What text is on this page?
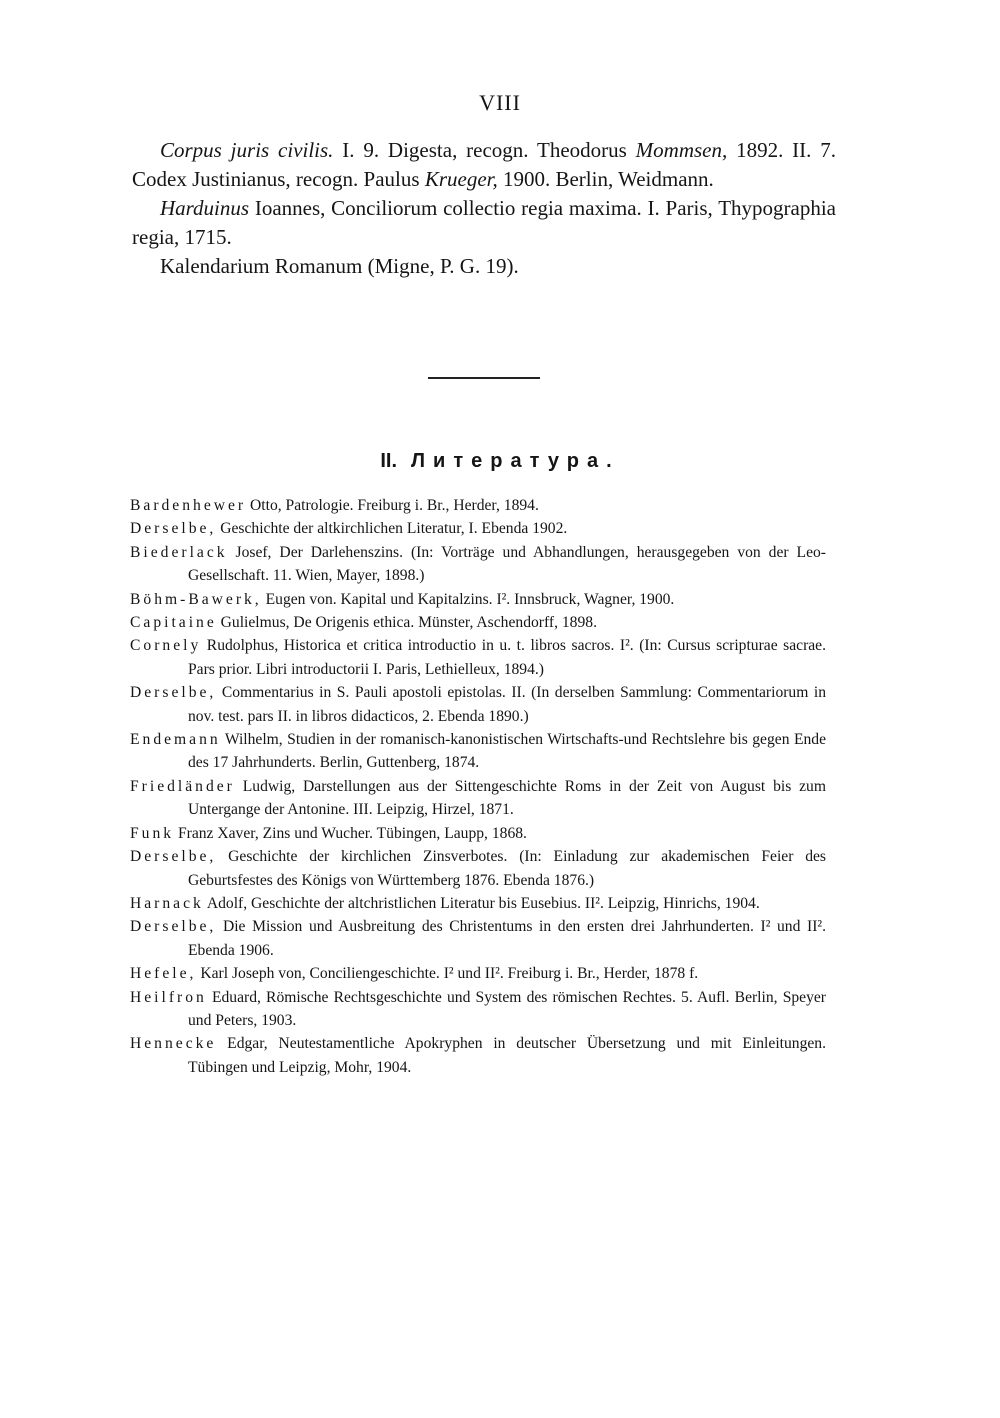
VIII

Corpus juris civilis. I. 9. Digesta, recogn. Theodorus Mommsen, 1892. II. 7. Codex Justinianus, recogn. Paulus Krueger, 1900. Berlin, Weidmann.

Harduinus Ioannes, Conciliorum collectio regia maxima. I. Paris, Thypographia regia, 1715.

Kalendarium Romanum (Migne, P. G. 19).

II. Литература.
Bardenhewer Otto, Patrologie. Freiburg i. Br., Herder, 1894.
Derselbe, Geschichte der altkirchlichen Literatur, I. Ebenda 1902.
Biederlack Josef, Der Darlehenszins. (In: Vorträge und Abhandlungen, herausgegeben von der Leo-Gesellschaft. 11. Wien, Mayer, 1898.)
Böhm-Bawerk, Eugen von. Kapital und Kapitalzins. I². Innsbruck, Wagner, 1900.
Capitaine Gulielmus, De Origenis ethica. Münster, Aschendorff, 1898.
Cornely Rudolphus, Historica et critica introductio in u. t. libros sacros. I². (In: Cursus scripturae sacrae. Pars prior. Libri introductorii I. Paris, Lethielleux, 1894.)
Derselbe, Commentarius in S. Pauli apostoli epistolas. II. (In derselben Sammlung: Commentariorum in nov. test. pars II. in libros didacticos, 2. Ebenda 1890.)
Endemann Wilhelm, Studien in der romanisch-kanonistischen Wirtschafts-und Rechtslehre bis gegen Ende des 17 Jahrhunderts. Berlin, Guttenberg, 1874.
Friedländer Ludwig, Darstellungen aus der Sittengeschichte Roms in der Zeit von August bis zum Untergange der Antonine. III. Leipzig, Hirzel, 1871.
Funk Franz Xaver, Zins und Wucher. Tübingen, Laupp, 1868.
Derselbe, Geschichte der kirchlichen Zinsverbotes. (In: Einladung zur akademischen Feier des Geburtsfestes des Königs von Württemberg 1876. Ebenda 1876.)
Harnack Adolf, Geschichte der altchristlichen Literatur bis Eusebius. II². Leipzig, Hinrichs, 1904.
Derselbe, Die Mission und Ausbreitung des Christentums in den ersten drei Jahrhunderten. I² und II². Ebenda 1906.
Hefele, Karl Joseph von, Conciliengeschichte. I² und II². Freiburg i. Br., Herder, 1878 f.
Heilfron Eduard, Römische Rechtsgeschichte und System des römischen Rechtes. 5. Aufl. Berlin, Speyer und Peters, 1903.
Hennecke Edgar, Neutestamentliche Apokryphen in deutscher Übersetzung und mit Einleitungen. Tübingen und Leipzig, Mohr, 1904.
